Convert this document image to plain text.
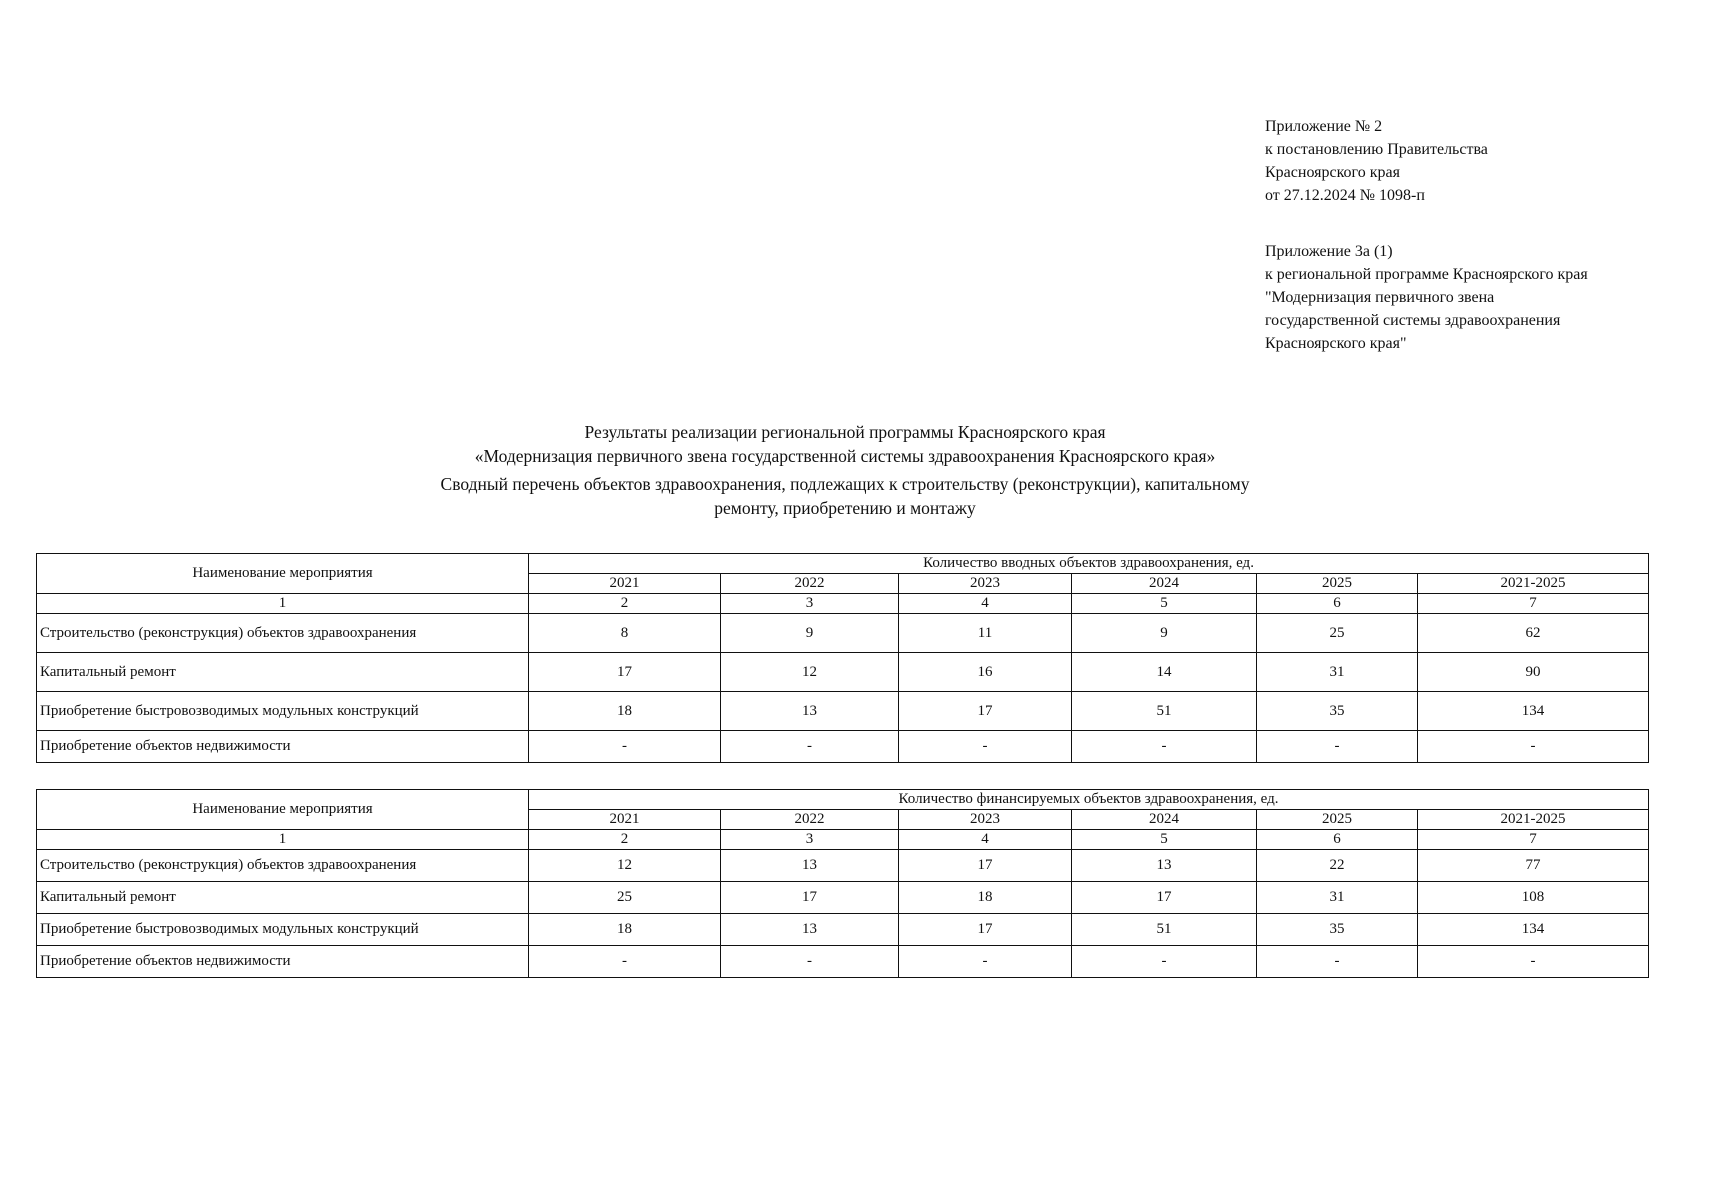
Приложение № 2
к постановлению Правительства
Красноярского края
от 27.12.2024 № 1098-п
Приложение 3а (1)
к региональной программе Красноярского края
"Модернизация первичного звена
государственной системы здравоохранения
Красноярского края"
Результаты реализации региональной программы Красноярского края
«Модернизация первичного звена государственной системы здравоохранения Красноярского края»
Сводный перечень объектов здравоохранения, подлежащих к строительству (реконструкции), капитальному
ремонту, приобретению и монтажу
Наименование мероприятия	Количество вводных объектов здравоохранения, ед.					
	2021	2022	2023	2024	2025	2021-2025
1	2	3	4	5	6	7
Строительство (реконструкция) объектов здравоохранения	8	9	11	9	25	62
Капитальный ремонт	17	12	16	14	31	90
Приобретение быстровозводимых модульных конструкций	18	13	17	51	35	134
Приобретение объектов недвижимости	-	-	-	-	-	-
Наименование мероприятия	Количество финансируемых объектов здравоохранения, ед.					
	2021	2022	2023	2024	2025	2021-2025
1	2	3	4	5	6	7
Строительство (реконструкция) объектов здравоохранения	12	13	17	13	22	77
Капитальный ремонт	25	17	18	17	31	108
Приобретение быстровозводимых модульных конструкций	18	13	17	51	35	134
Приобретение объектов недвижимости	-	-	-	-	-	-
